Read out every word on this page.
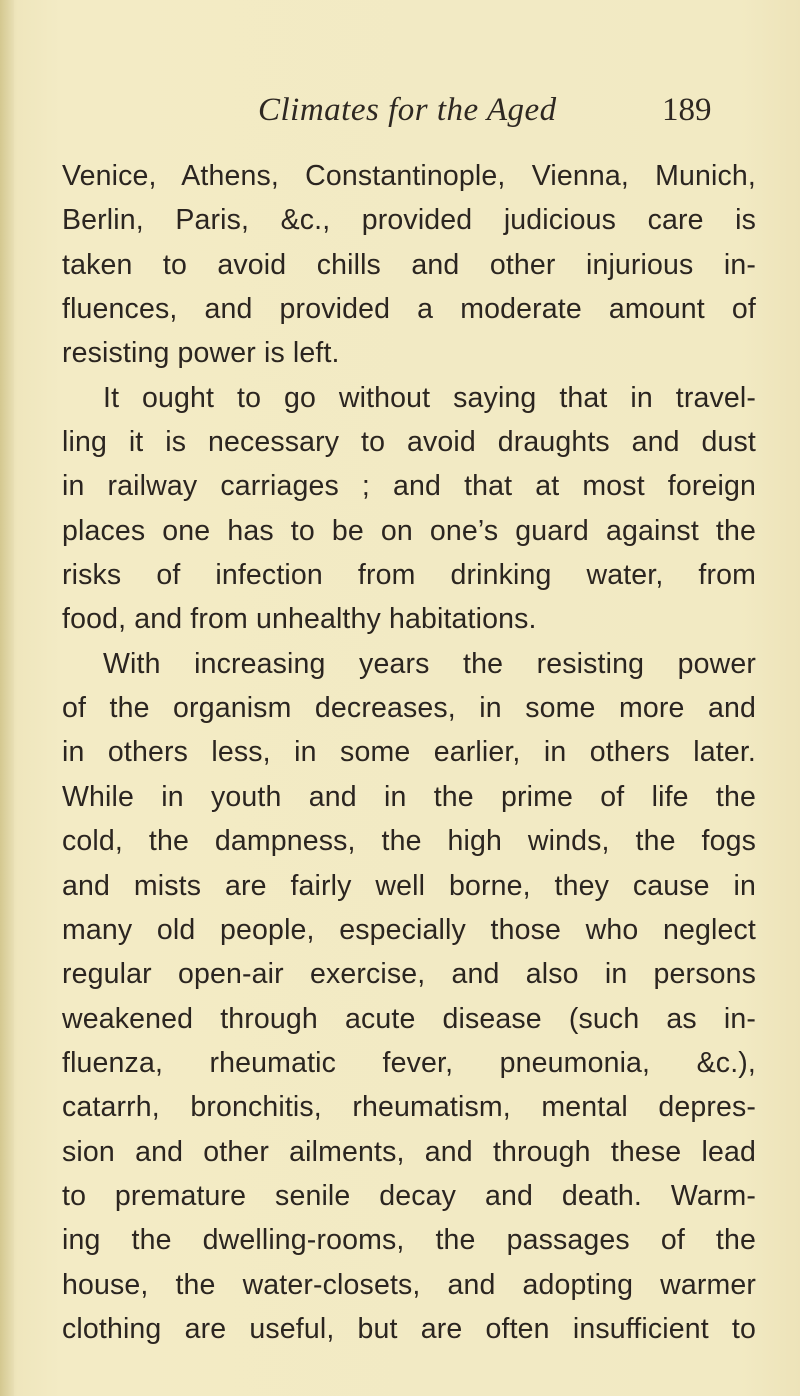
Climates for the Aged	189
Venice, Athens, Constantinople, Vienna, Munich,
Berlin, Paris, &c., provided judicious care is
taken to avoid chills and other injurious in-
fluences, and provided a moderate amount of
resisting power is left.
It ought to go without saying that in travel-
ling it is necessary to avoid draughts and dust
in railway carriages ; and that at most foreign
places one has to be on one’s guard against the
risks of infection from drinking water, from
food, and from unhealthy habitations.
With increasing years the resisting power
of the organism decreases, in some more and
in others less, in some earlier, in others later.
While in youth and in the prime of life the
cold, the dampness, the high winds, the fogs
and mists are fairly well borne, they cause in
many old people, especially those who neglect
regular open-air exercise, and also in persons
weakened through acute disease (such as in-
fluenza, rheumatic fever, pneumonia, &c.),
catarrh, bronchitis, rheumatism, mental depres-
sion and other ailments, and through these lead
to premature senile decay and death. Warm-
ing the dwelling-rooms, the passages of the
house, the water-closets, and adopting warmer
clothing are useful, but are often insufficient to
